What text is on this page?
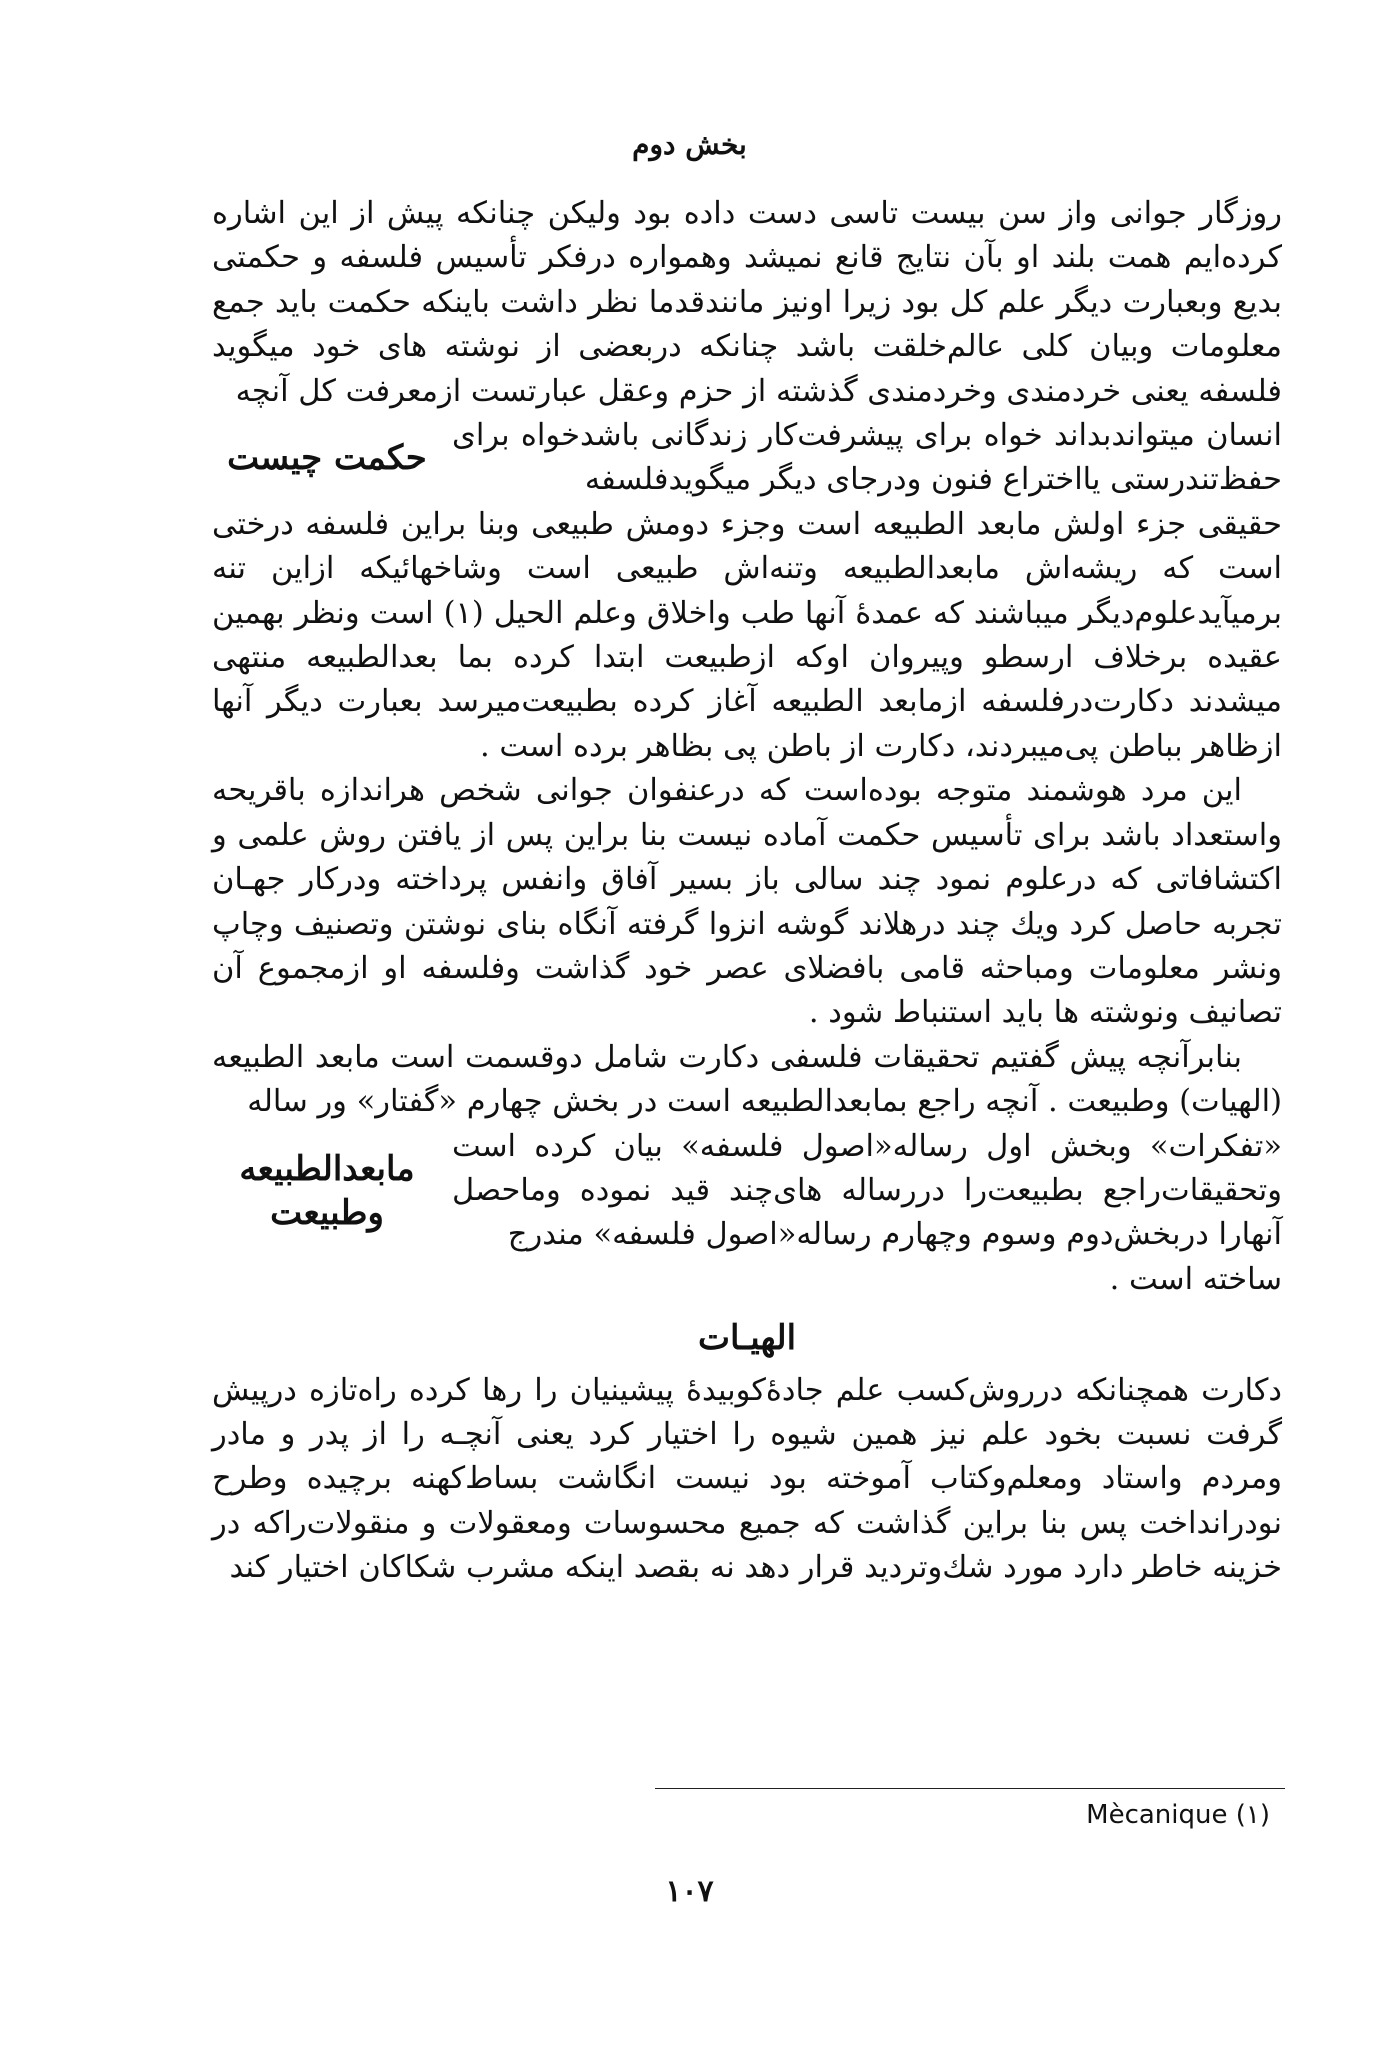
بخش دوم

روزگار جوانی واز سن بیست تاسی دست داده بود ولیکن چنانکه پیش از این اشاره کرده‌ایم همت بلند او بآن نتایج قانع نمیشد وهمواره درفکر تأسیس فلسفه و حکمتی بدیع وبعبارت دیگر علم کل بود زیرا اونیز مانندقدما نظر داشت باینکه حکمت باید جمع معلومات وبیان کلی عالم‌خلقت باشد چنانکه دربعضی از نوشته های خود میگوید فلسفه یعنی خردمندی وخردمندی گذشته از حزم وعقل عبارتست ازمعرفت کل آنچه

انسان میتواندبداند خواه برای پیشرفت‌کار زندگانی باشدخواه برای حفظ‌تندرستی یااختراع فنون ودرجای دیگر میگوید‌فلسفه

حکمت چیست

حقیقی جزء اولش مابعد الطبیعه است وجزء دومش طبیعی وبنا براین فلسفه درختی است که ریشه‌اش مابعدالطبیعه وتنه‌اش طبیعی است وشاخهائیکه ازاین تنه برمیآید‌علوم‌دیگر میباشند که عمدهٔ آنها طب واخلاق وعلم الحیل (۱) است ونظر بهمین عقیده برخلاف ارسطو وپیروان اوکه ازطبیعت ابتدا کرده بما بعدالطبیعه منتهی میشدند دکارت‌درفلسفه ازمابعد الطبیعه آغاز کرده بطبیعت‌میرسد بعبارت دیگر آنها ازظاهر بباطن پی‌میبردند، دکارت از باطن پی بظاهر برده است .

این مرد هوشمند متوجه بوده‌است که درعنفوان جوانی شخص هراندازه باقریحه واستعداد باشد برای تأسیس حکمت آماده نیست بنا براین پس از یافتن روش علمی و اکتشافاتی که درعلوم نمود چند سالی باز بسیر آفاق وانفس پرداخته ودرکار جهـان تجربه حاصل کرد ویك چند درهلاند گوشه انزوا گرفته آنگاه بنای نوشتن وتصنیف وچاپ ونشر معلومات ومباحثه قامی بافضلای عصر خود گذاشت وفلسفه او ازمجموع آن تصانیف ونوشته ها باید استنباط شود .

بنابرآنچه پیش گفتیم تحقیقات فلسفی دکارت شامل دوقسمت است مابعد الطبیعه (الهیات) وطبیعت . آنچه راجع بمابعدالطبیعه است در بخش چهارم «گفتار» ور ساله

«تفکرات» وبخش اول رساله«اصول فلسفه» بیان کرده است وتحقیقات‌راجع بطبیعت‌را دررساله های‌چند قید نموده وماحصل آنهارا دربخش‌دوم وسوم وچهارم رساله«اصول فلسفه» مندرج

مابعدالطبیعه
وطبیعت

ساخته است .

الهیـات

دکارت همچنانکه درروش‌کسب علم جادهٔ‌کوبیدهٔ پیشینیان را رها کرده راه‌تازه درپیش گرفت نسبت بخود علم نیز همین شیوه را اختیار کرد یعنی آنچـه را از پدر و مادر ومردم واستاد ومعلم‌وکتاب آموخته بود نیست انگاشت بساط‌کهنه برچیده وطرح نودرانداخت پس بنا براین گذاشت که جمیع محسوسات ومعقولات و منقولات‌راکه در خزینه خاطر دارد مورد شك‌وتردید قرار دهد نه بقصد اینکه مشرب شکاکان اختیار کند

Mècanique (۱)
۱۰۷
